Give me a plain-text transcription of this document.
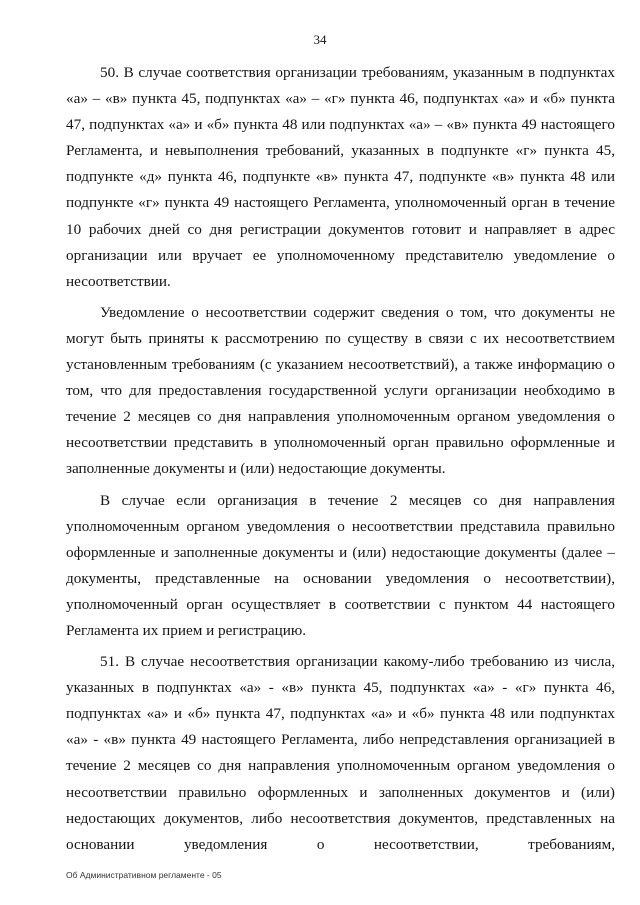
34

50. В случае соответствия организации требованиям, указанным в подпунктах «а» – «в» пункта 45, подпунктах «а» – «г» пункта 46, подпунктах «а» и «б» пункта 47, подпунктах «а» и «б» пункта 48 или подпунктах «а» – «в» пункта 49 настоящего Регламента, и невыполнения требований, указанных в подпункте «г» пункта 45, подпункте «д» пункта 46, подпункте «в» пункта 47, подпункте «в» пункта 48 или подпункте «г» пункта 49 настоящего Регламента, уполномоченный орган в течение 10 рабочих дней со дня регистрации документов готовит и направляет в адрес организации или вручает ее уполномоченному представителю уведомление о несоответствии.

Уведомление о несоответствии содержит сведения о том, что документы не могут быть приняты к рассмотрению по существу в связи с их несоответствием установленным требованиям (с указанием несоответствий), а также информацию о том, что для предоставления государственной услуги организации необходимо в течение 2 месяцев со дня направления уполномоченным органом уведомления о несоответствии представить в уполномоченный орган правильно оформленные и заполненные документы и (или) недостающие документы.

В случае если организация в течение 2 месяцев со дня направления уполномоченным органом уведомления о несоответствии представила правильно оформленные и заполненные документы и (или) недостающие документы (далее – документы, представленные на основании уведомления о несоответствии), уполномоченный орган осуществляет в соответствии с пунктом 44 настоящего Регламента их прием и регистрацию.

51. В случае несоответствия организации какому-либо требованию из числа, указанных в подпунктах «а» - «в» пункта 45, подпунктах «а» - «г» пункта 46, подпунктах «а» и «б» пункта 47, подпунктах «а» и «б» пункта 48 или подпунктах «а» - «в» пункта 49 настоящего Регламента, либо непредставления организацией в течение 2 месяцев со дня направления уполномоченным органом уведомления о несоответствии правильно оформленных и заполненных документов и (или) недостающих документов, либо несоответствия документов, представленных на основании уведомления о несоответствии, требованиям,

Об Административном регламенте - 05
